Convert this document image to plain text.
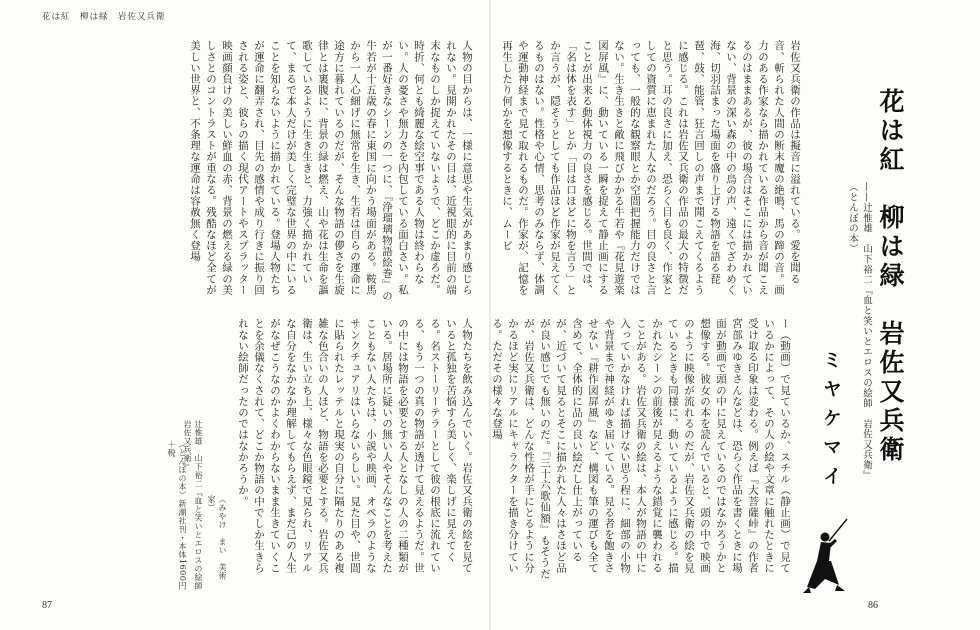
花は紅　柳は緑　岩佐又兵衛
花は紅　柳は緑　岩佐又兵衛
——辻惟雄　山下裕二『血と笑いとエロスの絵師　岩佐又兵衛』（とんぼの本）
ミヤケマイ
岩佐又兵衛の作品は擬音に溢れている。愛を聞る音、斬られた人間の断末魔の絶鳴、馬の蹄の音。画力のある作家なら描かれている作品から音が聞こえるのはままあるが、彼の場合はそこには描かれていない、背景の深い森の中の鳥の声、遠くでざわめく海、切羽詰まった場面を盛り上げる物語を語る琵琶、鼓、能管、狂言回しの声まで聞こえてくるように感じる。これは岩佐又兵衛の作品の最大の特徴だと思う。耳の良さに加え、恐らく目も良く、作家としての資質に恵まれた人なのだろう。目の良さと言っても、一般的な観察眼とか空間把握能力だけではない。生き生きと敵に飛びかかる牛若や『花見遊楽図屏風』に、動いている一瞬を捉えて静止画にすることが出来る動体視力の良さを感じる。世間では、「名は体を表す」とか「目は口ほどに物を言う」とか言うが、隠そうとしても作品ほど作家が見えてくるものはない。性格や心情、思考のみならず、体調や運動神経まで見て取れるものだ。作家が、記憶を再生したり何かを想像するときに、ムービ
ー（動画）で見ているか、スチル（静止画）で見ているかによって、その人の絵や文章に触れたときに受け取る印象は変わる。例えば『大菩薩峠』の作者宮部みゆきさんなどは、恐らく作品を書くときに場面が動画で頭の中に見えているのではなかろうかと想像する。彼女の本を読んでいると、頭の中で映画のように映像が流れるのだが、岩佐又兵衛の絵を見ているときも同様に、動いているように感じる。描かれたシーンの前後が見えるような錯覚に襲われることがある。岩佐又兵衛の絵は、本人が物語の中に入っていかなければ描けない思う程に、細部の小物や背景まで神経がゆき届いている。見る者を飽きさせない『耕作図屏風』など、構図も筆の運びも全て含めて、全体的に品の良い絵だし仕上がっているが、近づいて見るとそこに描かれた人々はさほど品が良い感じでも無いのだ。『三十六歌仙額』もそうだが、岩佐又兵衛は、どんな性格が手にとるように分かるほど実にリアルにキャラクターを描き分けている。ただその様々な登場
人物の目からは、一様に意思や生気があまり感じられない。見開かれたその目は、近視眼的に目前の端末なものしか捉えていないようで、どこか虚ろだ。時折、何とも綺麗な絵空事である人物は終わらない。人の憂さや無力さを内包している面白さい。私が一番好きなシーンの一つに、『浄瑠璃物語絵巻』の牛若が十五歳の春に東国に向かう場面がある。鞍馬から一人心細げに無常を生き、生若は自らの運命に途方に暮れているのだが、そんな物語の儚さを生旋律とは裏腹に、背景の緑は燃え、山や花は生命を謳歌しているように生き生きと、力強く描かれていて、まるで本人だけが美しく完璧な世界の中にいることを知らないように描かれている。登場人物たちが運命に翻弄され、目先の感情や成り行きに振り回される姿と、彼らの描く現代アートやスプラッター映画顔負けの美しい鮮血の赤、背景の燃える緑の美しさとのコントラストが重なる。残酷なほど全てが美しい世界と、不条理な運命は容赦無く登場
人物たちを飲み込んでいく。岩佐又兵衛の絵を見ていると孤独を苦悩すら美しく、楽しげに見えてくる。名ストーリーテラーとして彼の根底に流れている、もう一つの真の物語が透けて見えるようだ。世の中には物語を必要とする人となしの人の二種類がいる。居場所に疑いの無い人やそんなことを考えたこともない人たちは、小説や映画、オペラのようなサンクチュアリはいらないらしい。見た目や、世間に貼られたレッテルと現実の自分に隔たりのある複雑な色合いの人ほど、物語を必要とする。岩佐又兵衛は、生い立ち上、様々な色眼鏡で見られ、リアルな自分をなかなか理解してもらえず、まだ己の人生がなぜこうなのかよくわからないまま生きていくことを余儀なくされて、どこか物語の中でしか生きられない絵師だったのではなかろうか。
辻惟雄　山下裕二『血と笑いとエロスの絵師　岩佐又兵衛』
（とんぼの本）新潮社刊・本体1600円＋税
（みやけ　まい　美術家）
87	86
